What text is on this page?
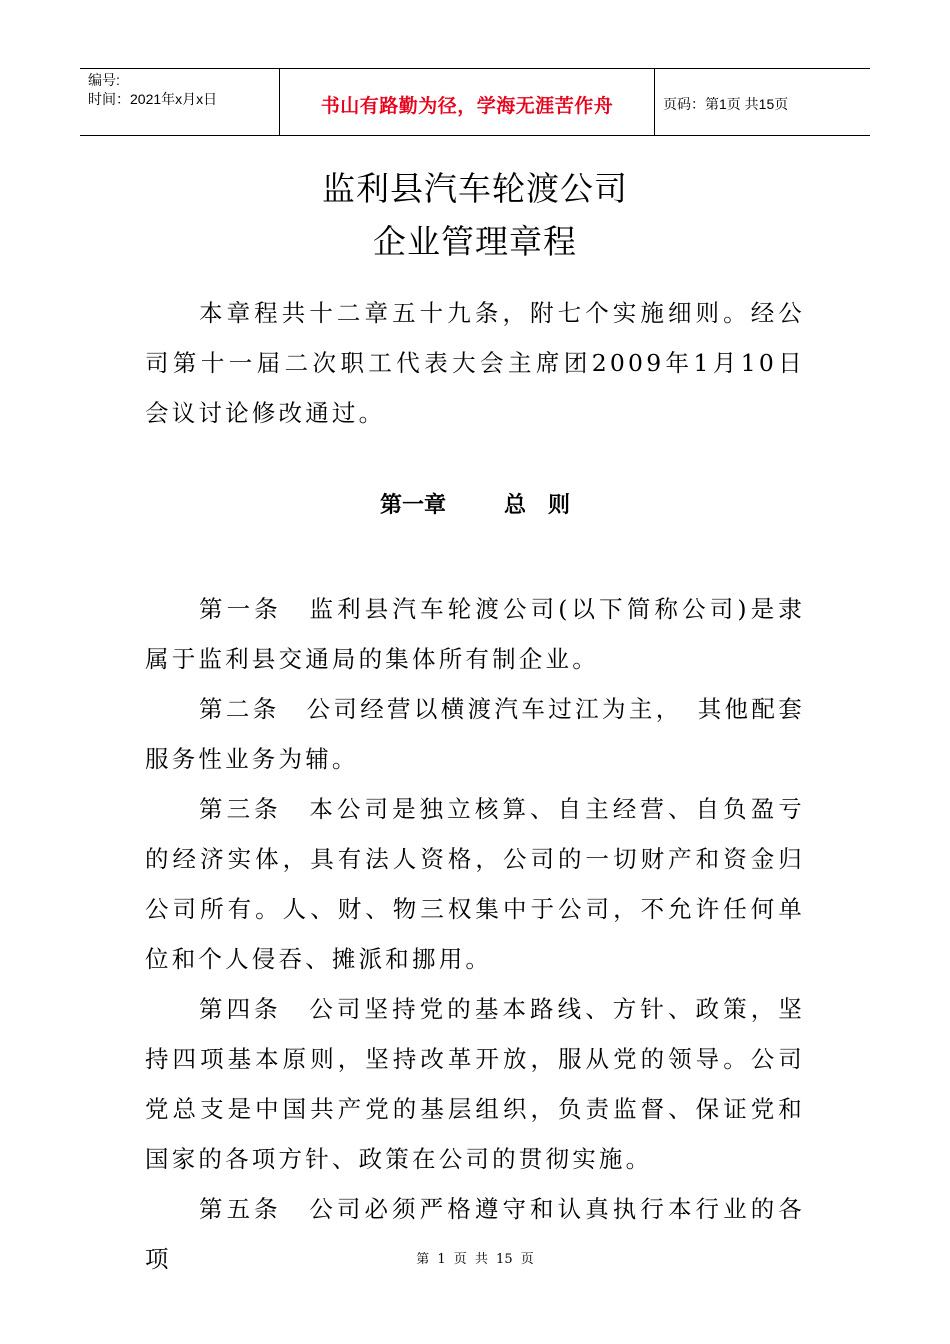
编号:
时间：2021年x月x日	书山有路勤为径，学海无涯苦作舟	页码：第1页 共15页
监利县汽车轮渡公司
企业管理章程

本章程共十二章五十九条，附七个实施细则。经公司第十一届二次职工代表大会主席团2009年1月10日会议讨论修改通过。

第一章	总　则

第一条　监利县汽车轮渡公司(以下简称公司)是隶属于监利县交通局的集体所有制企业。

第二条　公司经营以横渡汽车过江为主，　其他配套服务性业务为辅。

第三条　本公司是独立核算、自主经营、自负盈亏的经济实体，具有法人资格，公司的一切财产和资金归公司所有。人、财、物三权集中于公司，不允许任何单位和个人侵吞、摊派和挪用。

第四条　公司坚持党的基本路线、方针、政策，坚持四项基本原则，坚持改革开放，服从党的领导。公司党总支是中国共产党的基层组织，负责监督、保证党和国家的各项方针、政策在公司的贯彻实施。

第五条　公司必须严格遵守和认真执行本行业的各项	第 1 页 共 15 页
